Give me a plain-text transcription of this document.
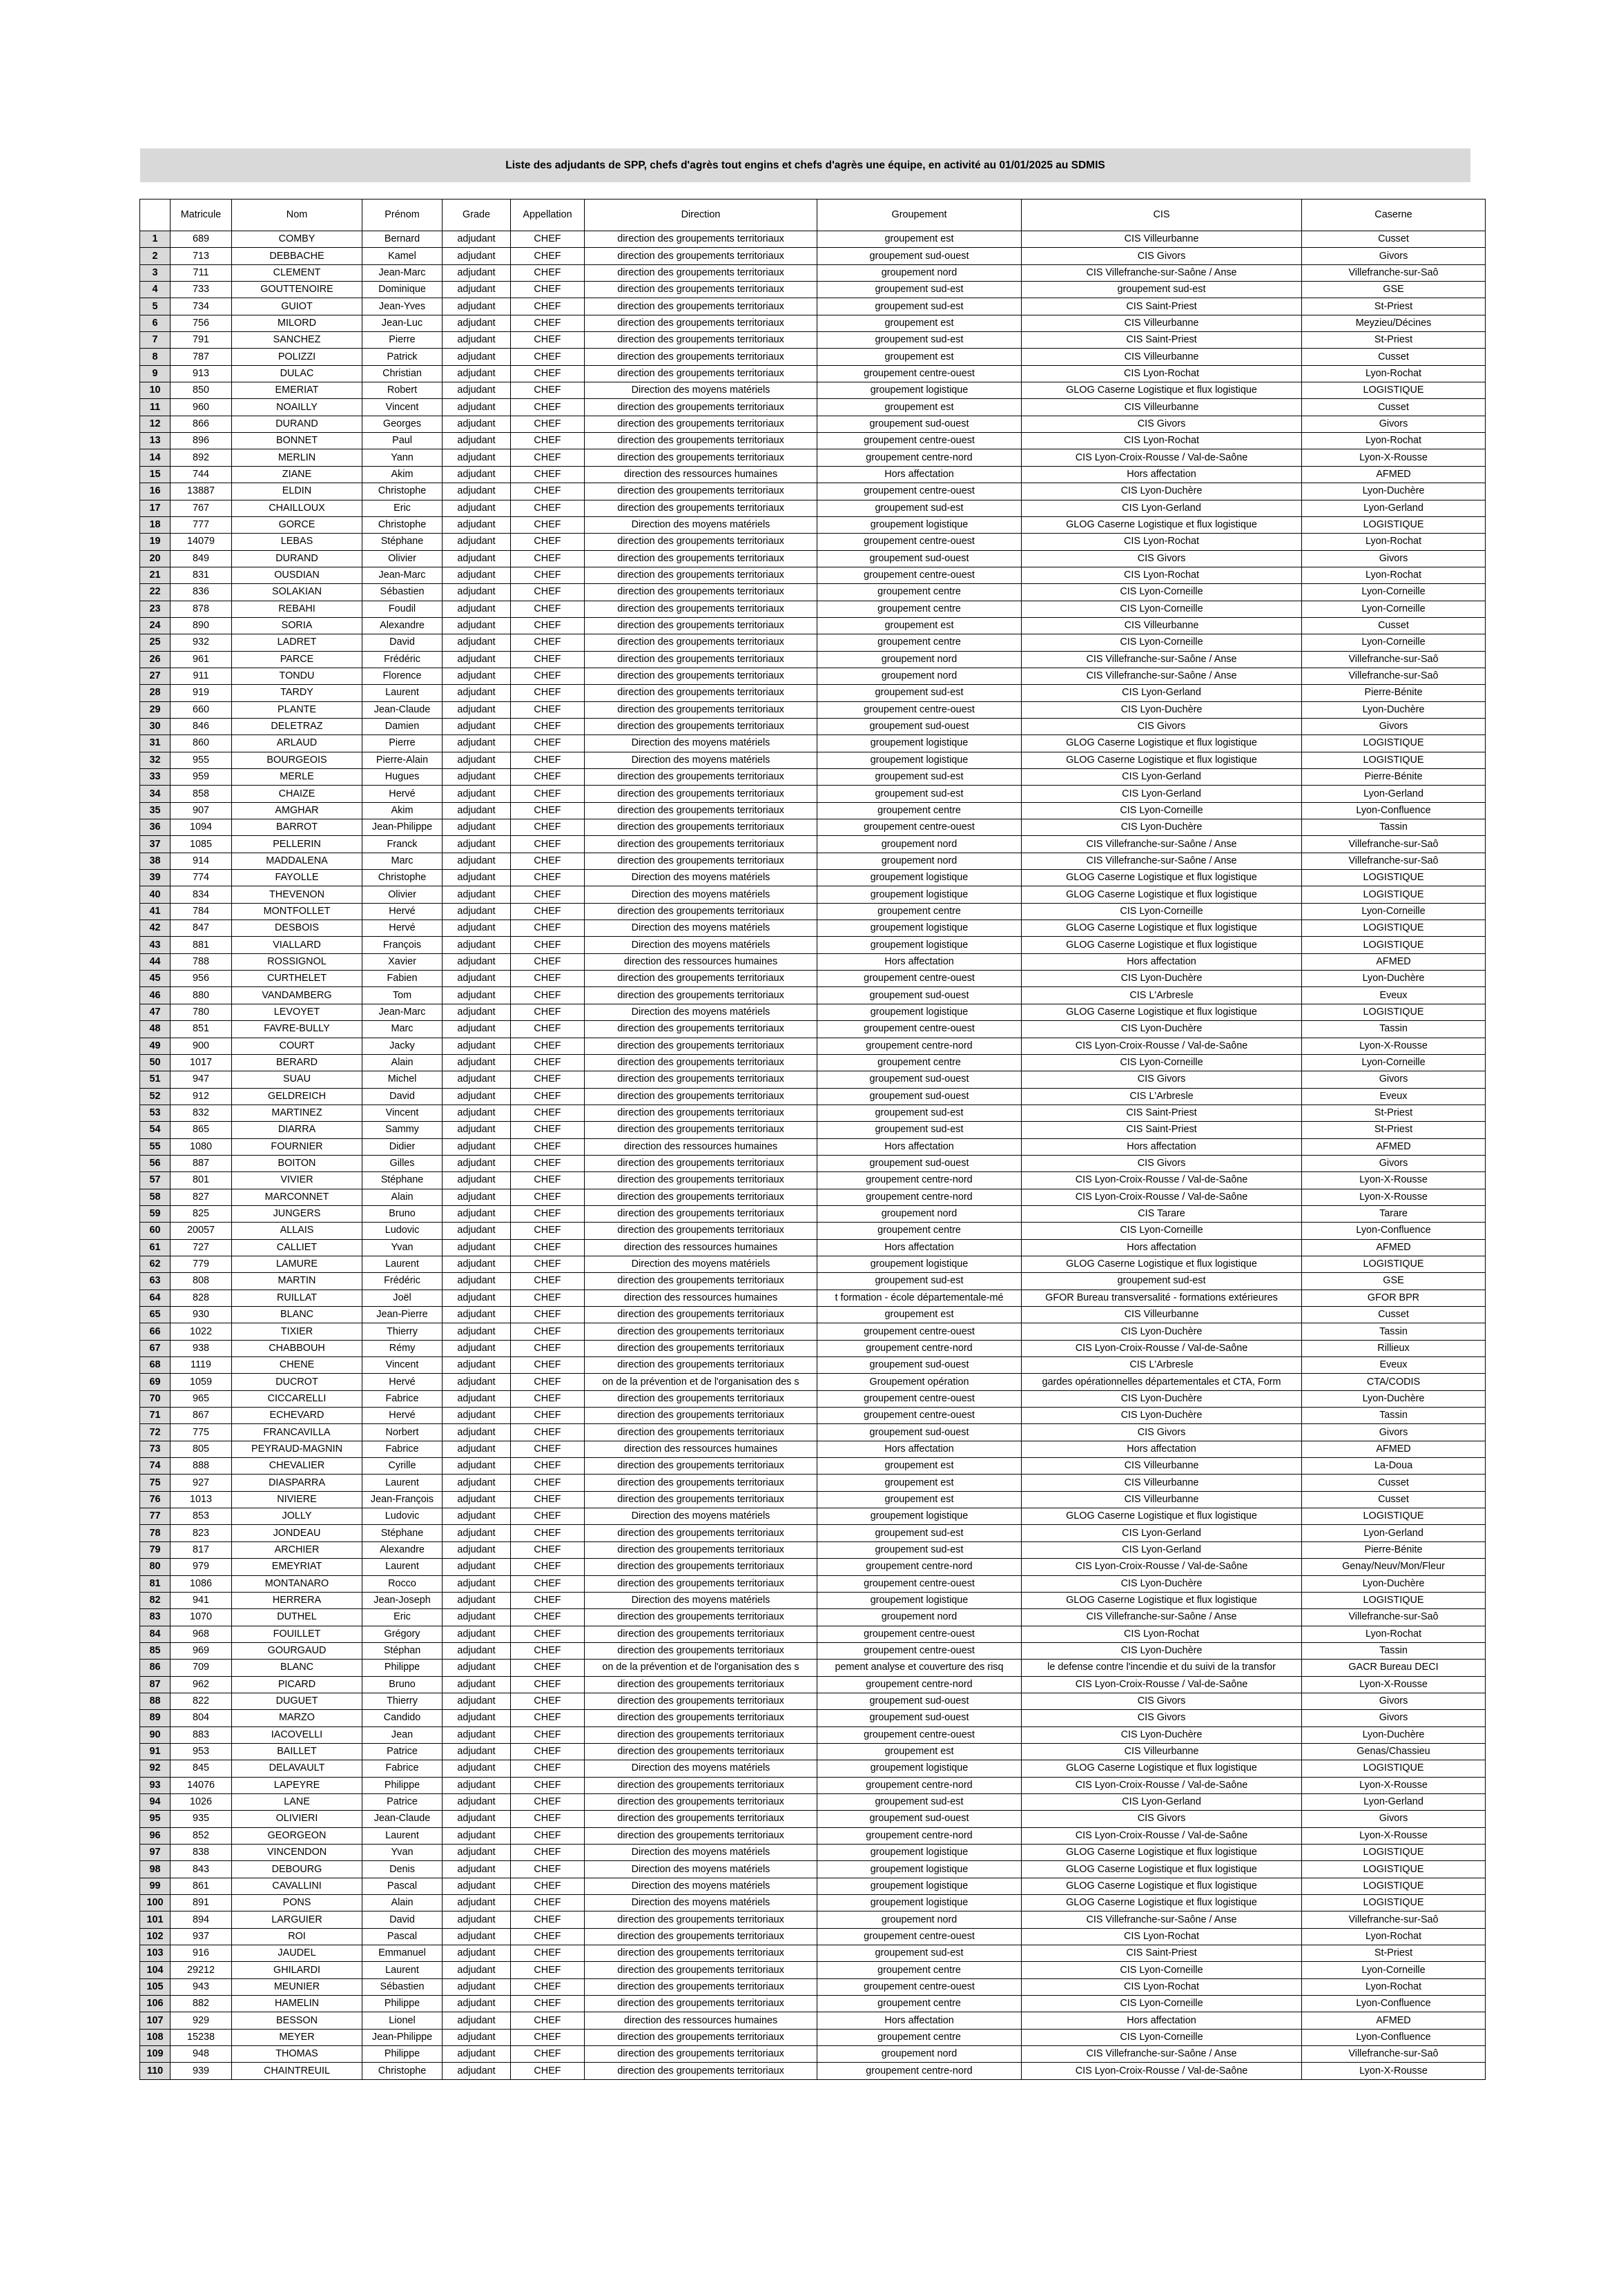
Liste des adjudants de SPP, chefs d'agrès tout engins et chefs d'agrès une équipe, en activité au 01/01/2025 au SDMIS
	Matricule	Nom	Prénom	Grade	Appellation	Direction	Groupement	CIS	Caserne
1	689	COMBY	Bernard	adjudant	CHEF	direction des groupements territoriaux	groupement est	CIS Villeurbanne	Cusset
2	713	DEBBACHE	Kamel	adjudant	CHEF	direction des groupements territoriaux	groupement sud-ouest	CIS Givors	Givors
3	711	CLEMENT	Jean-Marc	adjudant	CHEF	direction des groupements territoriaux	groupement nord	CIS Villefranche-sur-Saône / Anse	Villefranche-sur-Saô
4	733	GOUTTENOIRE	Dominique	adjudant	CHEF	direction des groupements territoriaux	groupement sud-est	groupement sud-est	GSE
5	734	GUIOT	Jean-Yves	adjudant	CHEF	direction des groupements territoriaux	groupement sud-est	CIS Saint-Priest	St-Priest
6	756	MILORD	Jean-Luc	adjudant	CHEF	direction des groupements territoriaux	groupement est	CIS Villeurbanne	Meyzieu/Décines
7	791	SANCHEZ	Pierre	adjudant	CHEF	direction des groupements territoriaux	groupement sud-est	CIS Saint-Priest	St-Priest
8	787	POLIZZI	Patrick	adjudant	CHEF	direction des groupements territoriaux	groupement est	CIS Villeurbanne	Cusset
9	913	DULAC	Christian	adjudant	CHEF	direction des groupements territoriaux	groupement centre-ouest	CIS Lyon-Rochat	Lyon-Rochat
10	850	EMERIAT	Robert	adjudant	CHEF	Direction des moyens matériels	groupement logistique	GLOG Caserne Logistique et flux logistique	LOGISTIQUE
11	960	NOAILLY	Vincent	adjudant	CHEF	direction des groupements territoriaux	groupement est	CIS Villeurbanne	Cusset
12	866	DURAND	Georges	adjudant	CHEF	direction des groupements territoriaux	groupement sud-ouest	CIS Givors	Givors
13	896	BONNET	Paul	adjudant	CHEF	direction des groupements territoriaux	groupement centre-ouest	CIS Lyon-Rochat	Lyon-Rochat
14	892	MERLIN	Yann	adjudant	CHEF	direction des groupements territoriaux	groupement centre-nord	CIS Lyon-Croix-Rousse / Val-de-Saône	Lyon-X-Rousse
15	744	ZIANE	Akim	adjudant	CHEF	direction des ressources humaines	Hors affectation	Hors affectation	AFMED
16	13887	ELDIN	Christophe	adjudant	CHEF	direction des groupements territoriaux	groupement centre-ouest	CIS Lyon-Duchère	Lyon-Duchère
17	767	CHAILLOUX	Eric	adjudant	CHEF	direction des groupements territoriaux	groupement sud-est	CIS Lyon-Gerland	Lyon-Gerland
18	777	GORCE	Christophe	adjudant	CHEF	Direction des moyens matériels	groupement logistique	GLOG Caserne Logistique et flux logistique	LOGISTIQUE
19	14079	LEBAS	Stéphane	adjudant	CHEF	direction des groupements territoriaux	groupement centre-ouest	CIS Lyon-Rochat	Lyon-Rochat
20	849	DURAND	Olivier	adjudant	CHEF	direction des groupements territoriaux	groupement sud-ouest	CIS Givors	Givors
21	831	OUSDIAN	Jean-Marc	adjudant	CHEF	direction des groupements territoriaux	groupement centre-ouest	CIS Lyon-Rochat	Lyon-Rochat
22	836	SOLAKIAN	Sébastien	adjudant	CHEF	direction des groupements territoriaux	groupement centre	CIS Lyon-Corneille	Lyon-Corneille
23	878	REBAHI	Foudil	adjudant	CHEF	direction des groupements territoriaux	groupement centre	CIS Lyon-Corneille	Lyon-Corneille
24	890	SORIA	Alexandre	adjudant	CHEF	direction des groupements territoriaux	groupement est	CIS Villeurbanne	Cusset
25	932	LADRET	David	adjudant	CHEF	direction des groupements territoriaux	groupement centre	CIS Lyon-Corneille	Lyon-Corneille
26	961	PARCE	Frédéric	adjudant	CHEF	direction des groupements territoriaux	groupement nord	CIS Villefranche-sur-Saône / Anse	Villefranche-sur-Saô
27	911	TONDU	Florence	adjudant	CHEF	direction des groupements territoriaux	groupement nord	CIS Villefranche-sur-Saône / Anse	Villefranche-sur-Saô
28	919	TARDY	Laurent	adjudant	CHEF	direction des groupements territoriaux	groupement sud-est	CIS Lyon-Gerland	Pierre-Bénite
29	660	PLANTE	Jean-Claude	adjudant	CHEF	direction des groupements territoriaux	groupement centre-ouest	CIS Lyon-Duchère	Lyon-Duchère
30	846	DELETRAZ	Damien	adjudant	CHEF	direction des groupements territoriaux	groupement sud-ouest	CIS Givors	Givors
31	860	ARLAUD	Pierre	adjudant	CHEF	Direction des moyens matériels	groupement logistique	GLOG Caserne Logistique et flux logistique	LOGISTIQUE
32	955	BOURGEOIS	Pierre-Alain	adjudant	CHEF	Direction des moyens matériels	groupement logistique	GLOG Caserne Logistique et flux logistique	LOGISTIQUE
33	959	MERLE	Hugues	adjudant	CHEF	direction des groupements territoriaux	groupement sud-est	CIS Lyon-Gerland	Pierre-Bénite
34	858	CHAIZE	Hervé	adjudant	CHEF	direction des groupements territoriaux	groupement sud-est	CIS Lyon-Gerland	Lyon-Gerland
35	907	AMGHAR	Akim	adjudant	CHEF	direction des groupements territoriaux	groupement centre	CIS Lyon-Corneille	Lyon-Confluence
36	1094	BARROT	Jean-Philippe	adjudant	CHEF	direction des groupements territoriaux	groupement centre-ouest	CIS Lyon-Duchère	Tassin
37	1085	PELLERIN	Franck	adjudant	CHEF	direction des groupements territoriaux	groupement nord	CIS Villefranche-sur-Saône / Anse	Villefranche-sur-Saô
38	914	MADDALENA	Marc	adjudant	CHEF	direction des groupements territoriaux	groupement nord	CIS Villefranche-sur-Saône / Anse	Villefranche-sur-Saô
39	774	FAYOLLE	Christophe	adjudant	CHEF	Direction des moyens matériels	groupement logistique	GLOG Caserne Logistique et flux logistique	LOGISTIQUE
40	834	THEVENON	Olivier	adjudant	CHEF	Direction des moyens matériels	groupement logistique	GLOG Caserne Logistique et flux logistique	LOGISTIQUE
41	784	MONTFOLLET	Hervé	adjudant	CHEF	direction des groupements territoriaux	groupement centre	CIS Lyon-Corneille	Lyon-Corneille
42	847	DESBOIS	Hervé	adjudant	CHEF	Direction des moyens matériels	groupement logistique	GLOG Caserne Logistique et flux logistique	LOGISTIQUE
43	881	VIALLARD	François	adjudant	CHEF	Direction des moyens matériels	groupement logistique	GLOG Caserne Logistique et flux logistique	LOGISTIQUE
44	788	ROSSIGNOL	Xavier	adjudant	CHEF	direction des ressources humaines	Hors affectation	Hors affectation	AFMED
45	956	CURTHELET	Fabien	adjudant	CHEF	direction des groupements territoriaux	groupement centre-ouest	CIS Lyon-Duchère	Lyon-Duchère
46	880	VANDAMBERG	Tom	adjudant	CHEF	direction des groupements territoriaux	groupement sud-ouest	CIS L'Arbresle	Eveux
47	780	LEVOYET	Jean-Marc	adjudant	CHEF	Direction des moyens matériels	groupement logistique	GLOG Caserne Logistique et flux logistique	LOGISTIQUE
48	851	FAVRE-BULLY	Marc	adjudant	CHEF	direction des groupements territoriaux	groupement centre-ouest	CIS Lyon-Duchère	Tassin
49	900	COURT	Jacky	adjudant	CHEF	direction des groupements territoriaux	groupement centre-nord	CIS Lyon-Croix-Rousse / Val-de-Saône	Lyon-X-Rousse
50	1017	BERARD	Alain	adjudant	CHEF	direction des groupements territoriaux	groupement centre	CIS Lyon-Corneille	Lyon-Corneille
51	947	SUAU	Michel	adjudant	CHEF	direction des groupements territoriaux	groupement sud-ouest	CIS Givors	Givors
52	912	GELDREICH	David	adjudant	CHEF	direction des groupements territoriaux	groupement sud-ouest	CIS L'Arbresle	Eveux
53	832	MARTINEZ	Vincent	adjudant	CHEF	direction des groupements territoriaux	groupement sud-est	CIS Saint-Priest	St-Priest
54	865	DIARRA	Sammy	adjudant	CHEF	direction des groupements territoriaux	groupement sud-est	CIS Saint-Priest	St-Priest
55	1080	FOURNIER	Didier	adjudant	CHEF	direction des ressources humaines	Hors affectation	Hors affectation	AFMED
56	887	BOITON	Gilles	adjudant	CHEF	direction des groupements territoriaux	groupement sud-ouest	CIS Givors	Givors
57	801	VIVIER	Stéphane	adjudant	CHEF	direction des groupements territoriaux	groupement centre-nord	CIS Lyon-Croix-Rousse / Val-de-Saône	Lyon-X-Rousse
58	827	MARCONNET	Alain	adjudant	CHEF	direction des groupements territoriaux	groupement centre-nord	CIS Lyon-Croix-Rousse / Val-de-Saône	Lyon-X-Rousse
59	825	JUNGERS	Bruno	adjudant	CHEF	direction des groupements territoriaux	groupement nord	CIS Tarare	Tarare
60	20057	ALLAIS	Ludovic	adjudant	CHEF	direction des groupements territoriaux	groupement centre	CIS Lyon-Corneille	Lyon-Confluence
61	727	CALLIET	Yvan	adjudant	CHEF	direction des ressources humaines	Hors affectation	Hors affectation	AFMED
62	779	LAMURE	Laurent	adjudant	CHEF	Direction des moyens matériels	groupement logistique	GLOG Caserne Logistique et flux logistique	LOGISTIQUE
63	808	MARTIN	Frédéric	adjudant	CHEF	direction des groupements territoriaux	groupement sud-est	groupement sud-est	GSE
64	828	RUILLAT	Joël	adjudant	CHEF	direction des ressources humaines	t formation - école départementale-mé	GFOR Bureau transversalité - formations extérieures	GFOR BPR
65	930	BLANC	Jean-Pierre	adjudant	CHEF	direction des groupements territoriaux	groupement est	CIS Villeurbanne	Cusset
66	1022	TIXIER	Thierry	adjudant	CHEF	direction des groupements territoriaux	groupement centre-ouest	CIS Lyon-Duchère	Tassin
67	938	CHABBOUH	Rémy	adjudant	CHEF	direction des groupements territoriaux	groupement centre-nord	CIS Lyon-Croix-Rousse / Val-de-Saône	Rillieux
68	1119	CHENE	Vincent	adjudant	CHEF	direction des groupements territoriaux	groupement sud-ouest	CIS L'Arbresle	Eveux
69	1059	DUCROT	Hervé	adjudant	CHEF	on de la prévention et de l'organisation des s	Groupement opération	gardes opérationnelles départementales et CTA, Form	CTA/CODIS
70	965	CICCARELLI	Fabrice	adjudant	CHEF	direction des groupements territoriaux	groupement centre-ouest	CIS Lyon-Duchère	Lyon-Duchère
71	867	ECHEVARD	Hervé	adjudant	CHEF	direction des groupements territoriaux	groupement centre-ouest	CIS Lyon-Duchère	Tassin
72	775	FRANCAVILLA	Norbert	adjudant	CHEF	direction des groupements territoriaux	groupement sud-ouest	CIS Givors	Givors
73	805	PEYRAUD-MAGNIN	Fabrice	adjudant	CHEF	direction des ressources humaines	Hors affectation	Hors affectation	AFMED
74	888	CHEVALIER	Cyrille	adjudant	CHEF	direction des groupements territoriaux	groupement est	CIS Villeurbanne	La-Doua
75	927	DIASPARRA	Laurent	adjudant	CHEF	direction des groupements territoriaux	groupement est	CIS Villeurbanne	Cusset
76	1013	NIVIERE	Jean-François	adjudant	CHEF	direction des groupements territoriaux	groupement est	CIS Villeurbanne	Cusset
77	853	JOLLY	Ludovic	adjudant	CHEF	Direction des moyens matériels	groupement logistique	GLOG Caserne Logistique et flux logistique	LOGISTIQUE
78	823	JONDEAU	Stéphane	adjudant	CHEF	direction des groupements territoriaux	groupement sud-est	CIS Lyon-Gerland	Lyon-Gerland
79	817	ARCHIER	Alexandre	adjudant	CHEF	direction des groupements territoriaux	groupement sud-est	CIS Lyon-Gerland	Pierre-Bénite
80	979	EMEYRIAT	Laurent	adjudant	CHEF	direction des groupements territoriaux	groupement centre-nord	CIS Lyon-Croix-Rousse / Val-de-Saône	Genay/Neuv/Mon/Fleur
81	1086	MONTANARO	Rocco	adjudant	CHEF	direction des groupements territoriaux	groupement centre-ouest	CIS Lyon-Duchère	Lyon-Duchère
82	941	HERRERA	Jean-Joseph	adjudant	CHEF	Direction des moyens matériels	groupement logistique	GLOG Caserne Logistique et flux logistique	LOGISTIQUE
83	1070	DUTHEL	Eric	adjudant	CHEF	direction des groupements territoriaux	groupement nord	CIS Villefranche-sur-Saône / Anse	Villefranche-sur-Saô
84	968	FOUILLET	Grégory	adjudant	CHEF	direction des groupements territoriaux	groupement centre-ouest	CIS Lyon-Rochat	Lyon-Rochat
85	969	GOURGAUD	Stéphan	adjudant	CHEF	direction des groupements territoriaux	groupement centre-ouest	CIS Lyon-Duchère	Tassin
86	709	BLANC	Philippe	adjudant	CHEF	on de la prévention et de l'organisation des s	pement analyse et couverture des risq	le defense contre l'incendie et du suivi de la transfor	GACR Bureau DECI
87	962	PICARD	Bruno	adjudant	CHEF	direction des groupements territoriaux	groupement centre-nord	CIS Lyon-Croix-Rousse / Val-de-Saône	Lyon-X-Rousse
88	822	DUGUET	Thierry	adjudant	CHEF	direction des groupements territoriaux	groupement sud-ouest	CIS Givors	Givors
89	804	MARZO	Candido	adjudant	CHEF	direction des groupements territoriaux	groupement sud-ouest	CIS Givors	Givors
90	883	IACOVELLI	Jean	adjudant	CHEF	direction des groupements territoriaux	groupement centre-ouest	CIS Lyon-Duchère	Lyon-Duchère
91	953	BAILLET	Patrice	adjudant	CHEF	direction des groupements territoriaux	groupement est	CIS Villeurbanne	Genas/Chassieu
92	845	DELAVAULT	Fabrice	adjudant	CHEF	Direction des moyens matériels	groupement logistique	GLOG Caserne Logistique et flux logistique	LOGISTIQUE
93	14076	LAPEYRE	Philippe	adjudant	CHEF	direction des groupements territoriaux	groupement centre-nord	CIS Lyon-Croix-Rousse / Val-de-Saône	Lyon-X-Rousse
94	1026	LANE	Patrice	adjudant	CHEF	direction des groupements territoriaux	groupement sud-est	CIS Lyon-Gerland	Lyon-Gerland
95	935	OLIVIERI	Jean-Claude	adjudant	CHEF	direction des groupements territoriaux	groupement sud-ouest	CIS Givors	Givors
96	852	GEORGEON	Laurent	adjudant	CHEF	direction des groupements territoriaux	groupement centre-nord	CIS Lyon-Croix-Rousse / Val-de-Saône	Lyon-X-Rousse
97	838	VINCENDON	Yvan	adjudant	CHEF	Direction des moyens matériels	groupement logistique	GLOG Caserne Logistique et flux logistique	LOGISTIQUE
98	843	DEBOURG	Denis	adjudant	CHEF	Direction des moyens matériels	groupement logistique	GLOG Caserne Logistique et flux logistique	LOGISTIQUE
99	861	CAVALLINI	Pascal	adjudant	CHEF	Direction des moyens matériels	groupement logistique	GLOG Caserne Logistique et flux logistique	LOGISTIQUE
100	891	PONS	Alain	adjudant	CHEF	Direction des moyens matériels	groupement logistique	GLOG Caserne Logistique et flux logistique	LOGISTIQUE
101	894	LARGUIER	David	adjudant	CHEF	direction des groupements territoriaux	groupement nord	CIS Villefranche-sur-Saône / Anse	Villefranche-sur-Saô
102	937	ROI	Pascal	adjudant	CHEF	direction des groupements territoriaux	groupement centre-ouest	CIS Lyon-Rochat	Lyon-Rochat
103	916	JAUDEL	Emmanuel	adjudant	CHEF	direction des groupements territoriaux	groupement sud-est	CIS Saint-Priest	St-Priest
104	29212	GHILARDI	Laurent	adjudant	CHEF	direction des groupements territoriaux	groupement centre	CIS Lyon-Corneille	Lyon-Corneille
105	943	MEUNIER	Sébastien	adjudant	CHEF	direction des groupements territoriaux	groupement centre-ouest	CIS Lyon-Rochat	Lyon-Rochat
106	882	HAMELIN	Philippe	adjudant	CHEF	direction des groupements territoriaux	groupement centre	CIS Lyon-Corneille	Lyon-Confluence
107	929	BESSON	Lionel	adjudant	CHEF	direction des ressources humaines	Hors affectation	Hors affectation	AFMED
108	15238	MEYER	Jean-Philippe	adjudant	CHEF	direction des groupements territoriaux	groupement centre	CIS Lyon-Corneille	Lyon-Confluence
109	948	THOMAS	Philippe	adjudant	CHEF	direction des groupements territoriaux	groupement nord	CIS Villefranche-sur-Saône / Anse	Villefranche-sur-Saô
110	939	CHAINTREUIL	Christophe	adjudant	CHEF	direction des groupements territoriaux	groupement centre-nord	CIS Lyon-Croix-Rousse / Val-de-Saône	Lyon-X-Rousse
